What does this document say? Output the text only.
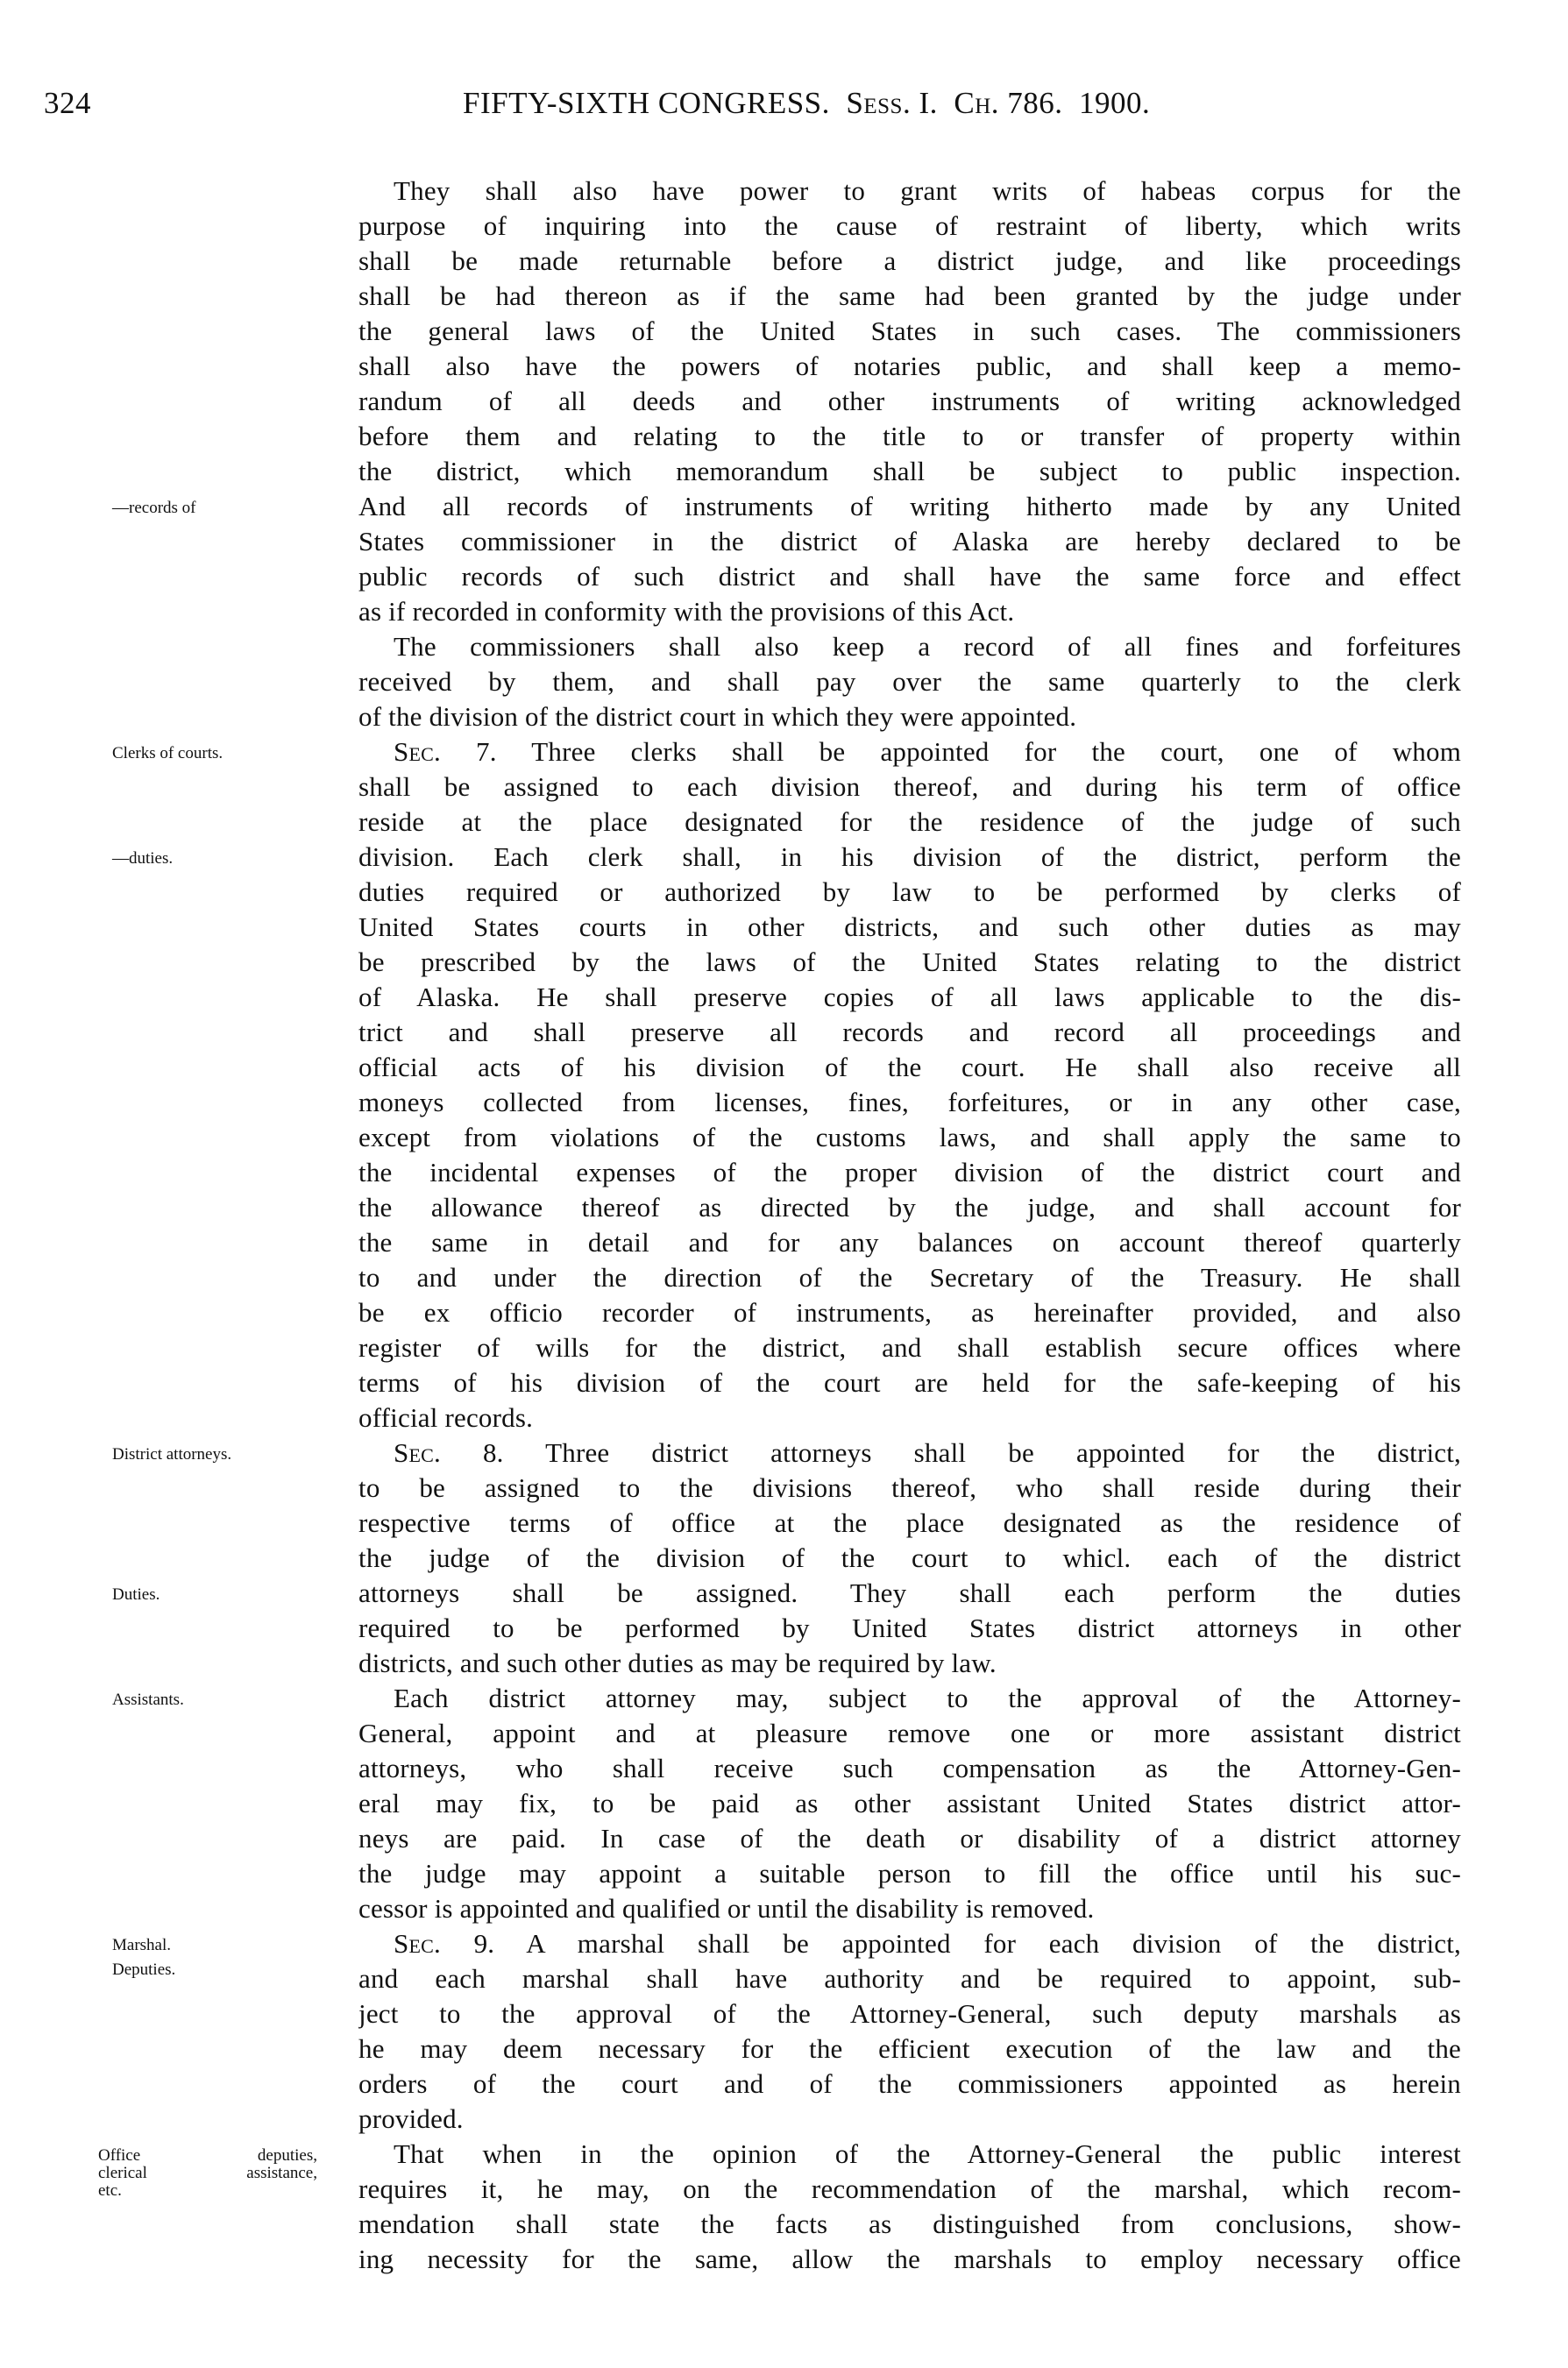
324	FIFTY-SIXTH CONGRESS. Sess. I. Ch. 786. 1900.
They shall also have power to grant writs of habeas corpus for the
purpose of inquiring into the cause of restraint of liberty, which writs
shall be made returnable before a district judge, and like proceedings
shall be had thereon as if the same had been granted by the judge under
the general laws of the United States in such cases. The commissioners
shall also have the powers of notaries public, and shall keep a memo-
randum of all deeds and other instruments of writing acknowledged
before them and relating to the title to or transfer of property within
the district, which memorandum shall be subject to public inspection.
And all records of instruments of writing hitherto made by any United
States commissioner in the district of Alaska are hereby declared to be
public records of such district and shall have the same force and effect
as if recorded in conformity with the provisions of this Act.
The commissioners shall also keep a record of all fines and forfeitures
received by them, and shall pay over the same quarterly to the clerk
of the division of the district court in which they were appointed.
Sec. 7. Three clerks shall be appointed for the court, one of whom
shall be assigned to each division thereof, and during his term of office
reside at the place designated for the residence of the judge of such
division. Each clerk shall, in his division of the district, perform the
duties required or authorized by law to be performed by clerks of
United States courts in other districts, and such other duties as may
be prescribed by the laws of the United States relating to the district
of Alaska. He shall preserve copies of all laws applicable to the dis-
trict and shall preserve all records and record all proceedings and
official acts of his division of the court. He shall also receive all
moneys collected from licenses, fines, forfeitures, or in any other case,
except from violations of the customs laws, and shall apply the same to
the incidental expenses of the proper division of the district court and
the allowance thereof as directed by the judge, and shall account for
the same in detail and for any balances on account thereof quarterly
to and under the direction of the Secretary of the Treasury. He shall
be ex officio recorder of instruments, as hereinafter provided, and also
register of wills for the district, and shall establish secure offices where
terms of his division of the court are held for the safe-keeping of his
official records.
Sec. 8. Three district attorneys shall be appointed for the district,
to be assigned to the divisions thereof, who shall reside during their
respective terms of office at the place designated as the residence of
the judge of the division of the court to whicl. each of the district
attorneys shall be assigned. They shall each perform the duties
required to be performed by United States district attorneys in other
districts, and such other duties as may be required by law.
Each district attorney may, subject to the approval of the Attorney-
General, appoint and at pleasure remove one or more assistant district
attorneys, who shall receive such compensation as the Attorney-Gen-
eral may fix, to be paid as other assistant United States district attor-
neys are paid. In case of the death or disability of a district attorney
the judge may appoint a suitable person to fill the office until his suc-
cessor is appointed and qualified or until the disability is removed.
Sec. 9. A marshal shall be appointed for each division of the district,
and each marshal shall have authority and be required to appoint, sub-
ject to the approval of the Attorney-General, such deputy marshals as
he may deem necessary for the efficient execution of the law and the
orders of the court and of the commissioners appointed as herein
provided.
That when in the opinion of the Attorney-General the public interest
requires it, he may, on the recommendation of the marshal, which recom-
mendation shall state the facts as distinguished from conclusions, show-
ing necessity for the same, allow the marshals to employ necessary office
—records of
Clerks of courts.
—duties.
District attorneys.
Duties.
Assistants.
Marshal.
Deputies.
Office deputies,
clerical assistance,
etc.
